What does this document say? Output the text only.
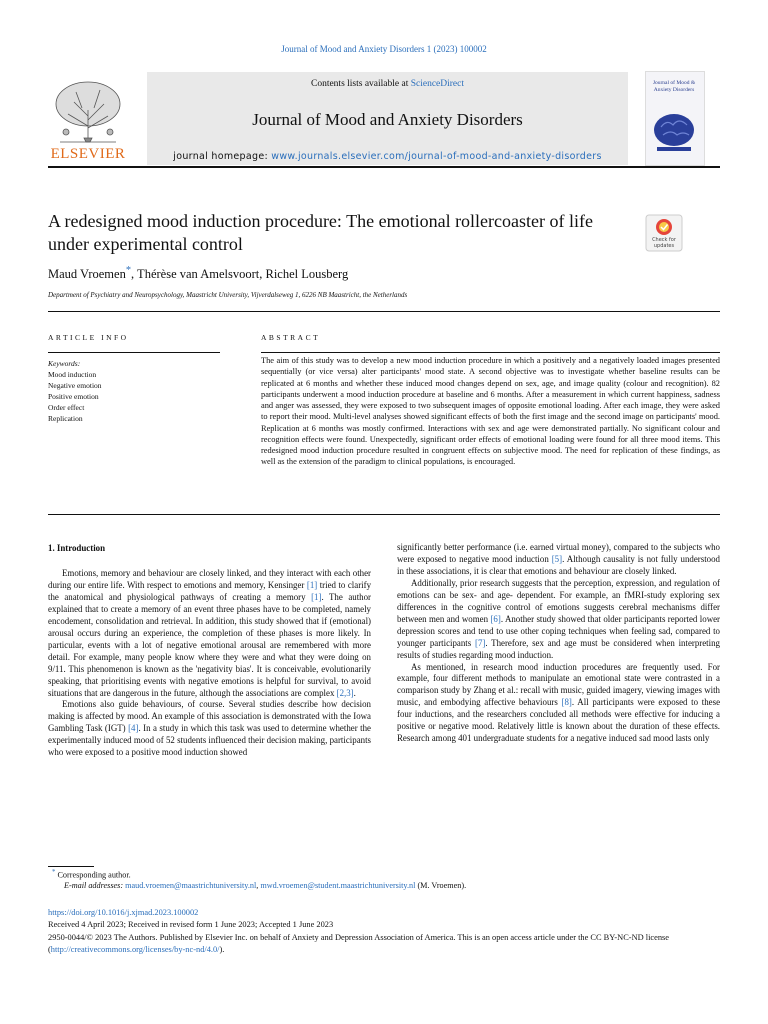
Journal of Mood and Anxiety Disorders 1 (2023) 100002
Contents lists available at ScienceDirect
Journal of Mood and Anxiety Disorders
journal homepage: www.journals.elsevier.com/journal-of-mood-and-anxiety-disorders
ELSEVIER
Journal of Mood & Anxiety Disorders
A redesigned mood induction procedure: The emotional rollercoaster of life under experimental control	Check for updates
Maud Vroemen*, Thérèse van Amelsvoort, Richel Lousberg
Department of Psychiatry and Neuropsychology, Maastricht University, Vijverdalseweg 1, 6226 NB Maastricht, the Netherlands
ARTICLE INFO	ABSTRACT
Keywords:
Mood induction
Negative emotion
Positive emotion
Order effect
Replication
The aim of this study was to develop a new mood induction procedure in which a positively and a negatively loaded images presented sequentially (or vice versa) alter participants' mood state. A second objective was to investigate whether baseline results can be replicated at 6 months and whether these induced mood changes depend on sex, age, and image quality (colour and recognition). 82 participants underwent a mood induction procedure at baseline and 6 months. After a measurement in which current happiness, sadness and anger was assessed, they were exposed to two subsequent images of opposite emotional loading. After each image, they were asked to report their mood. Multi-level analyses showed significant effects of both the first image and the second image on participants' mood. Replication at 6 months was mostly confirmed. Interactions with sex and age were demonstrated partially. No significant colour and recognition effects were found. Unexpectedly, significant order effects of emotional loading were found for all three mood items. This redesigned mood induction procedure resulted in congruent effects on subjective mood. The need for replication of these findings, as well as the extension of the paradigm to clinical populations, is encouraged.
1. Introduction

Emotions, memory and behaviour are closely linked, and they interact with each other during our entire life. With respect to emotions and memory, Kensinger [1] tried to clarify the anatomical and physiological pathways of creating a memory [1]. The author explained that to create a memory of an event three phases have to be completed, namely encodement, consolidation and retrieval. In addition, this study showed that if (emotional) arousal occurs during an experience, the completion of these phases is more likely. In particular, events with a lot of negative emotional arousal are remembered with more detail. For example, many people know where they were and what they were doing on 9/11. This phenomenon is known as the 'negativity bias'. It is conceivable, evolutionarily speaking, that prioritising events with negative emotions is helpful for survival, to avoid situations that are dangerous in the future, although the associations are complex [2,3].

Emotions also guide behaviours, of course. Several studies describe how decision making is affected by mood. An example of this association is demonstrated with the Iowa Gambling Task (IGT) [4]. In a study in which this task was used to determine whether the experimentally induced mood of 52 students influenced their decision making, participants who were exposed to a positive mood induction showed

significantly better performance (i.e. earned virtual money), compared to the subjects who were exposed to negative mood induction [5]. Although causality is not fully understood in these associations, it is clear that emotions and behaviour are closely linked.

Additionally, prior research suggests that the perception, expression, and regulation of emotions can be sex- and age- dependent. For example, an fMRI-study exploring sex differences in the cognitive control of emotions suggests cerebral mechanisms differ between men and women [6]. Another study showed that older participants reported lower depression scores and tend to use other coping techniques when feeling sad, compared to younger participants [7]. Therefore, sex and age must be considered when interpreting results of studies regarding mood induction.

As mentioned, in research mood induction procedures are frequently used. For example, four different methods to manipulate an emotional state were contrasted in a comparison study by Zhang et al.: recall with music, guided imagery, viewing images with music, and embodying affective behaviours [8]. All participants were exposed to these four inductions, and the researchers concluded all methods were effective for inducing a positive or negative mood. Relatively little is known about the duration of these effects. Research among 401 undergraduate students for a negative induced sad mood lasts only

* Corresponding author.
E-mail addresses: maud.vroemen@maastrichtuniversity.nl, mwd.vroemen@student.maastrichtuniversity.nl (M. Vroemen).
https://doi.org/10.1016/j.xjmad.2023.100002
Received 4 April 2023; Received in revised form 1 June 2023; Accepted 1 June 2023
2950-0044/© 2023 The Authors. Published by Elsevier Inc. on behalf of Anxiety and Depression Association of America. This is an open access article under the CC BY-NC-ND license (http://creativecommons.org/licenses/by-nc-nd/4.0/).
